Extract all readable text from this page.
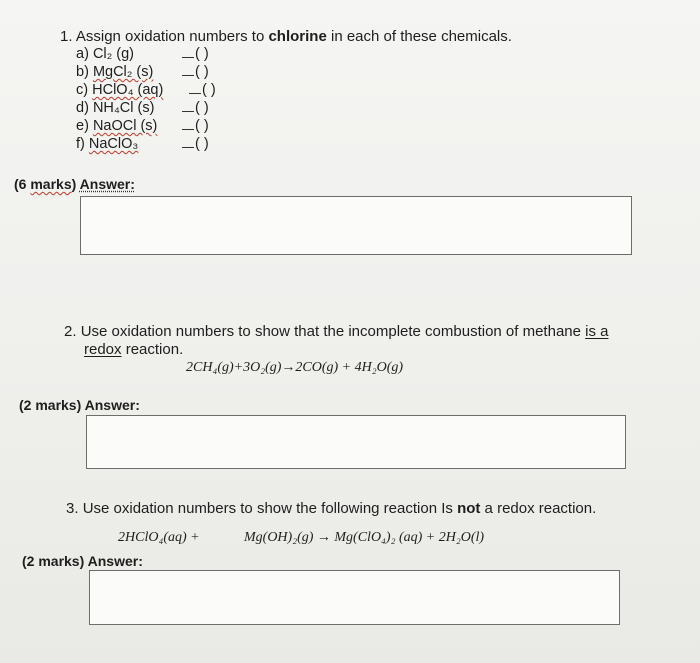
1. Assign oxidation numbers to chlorine in each of these chemicals.
a) Cl₂ (g)
b) MgCl₂ (s)
c) HClO₄ (aq)
d) NH₄Cl (s)
e) NaOCl (s)
f) NaClO₃
( )
( )
( )
( )
( )
( )
(6 marks) Answer:
2. Use oxidation numbers to show that the incomplete combustion of methane is a
redox reaction.
2CH₄(g)+3O₂(g)→2CO(g) + 4H₂O(g)
(2 marks) Answer:
3. Use oxidation numbers to show the following reaction Is not a redox reaction.
2HClO₄(aq) +	Mg(OH)₂(g) → Mg(ClO₄)₂ (aq) + 2H₂O(l)
(2 marks) Answer:
